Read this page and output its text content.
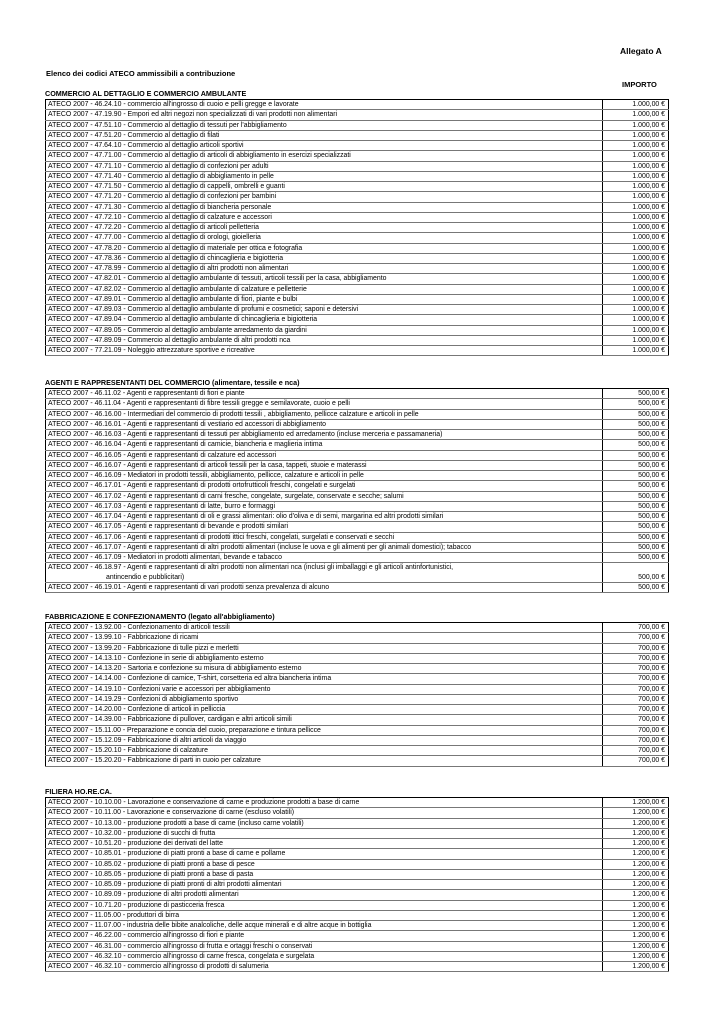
Allegato A
Elenco dei codici ATECO ammissibili a contribuzione
IMPORTO
COMMERCIO AL DETTAGLIO E COMMERCIO AMBULANTE
ATECO 2007 - 46.24.10 - commercio all'ingrosso di cuoio e pelli gregge e lavorate	1.000,00 €

ATECO 2007 - 47.19.90 - Empori ed altri negozi non specializzati di vari prodotti non alimentari	1.000,00 €

ATECO 2007 - 47.51.10 - Commercio al dettaglio di tessuti per l'abbigliamento	1.000,00 €

ATECO 2007 - 47.51.20 - Commercio al dettaglio di filati	1.000,00 €

ATECO 2007 - 47.64.10 - Commercio al dettaglio articoli sportivi	1.000,00 €

ATECO 2007 - 47.71.00 - Commercio al dettaglio di articoli di abbigliamento in esercizi specializzati	1.000,00 €

ATECO 2007 - 47.71.10 - Commercio al dettaglio di confezioni per adulti	1.000,00 €

ATECO 2007 - 47.71.40 - Commercio al dettaglio di abbigliamento in pelle	1.000,00 €

ATECO 2007 - 47.71.50 - Commercio al dettaglio di cappelli, ombrelli e guanti	1.000,00 €

ATECO 2007 - 47.71.20 - Commercio al dettaglio di confezioni per bambini	1.000,00 €

ATECO 2007 - 47.71.30 - Commercio al dettaglio di biancheria personale	1.000,00 €

ATECO 2007 - 47.72.10 - Commercio al dettaglio di calzature e accessori	1.000,00 €

ATECO 2007 - 47.72.20 - Commercio al dettaglio di articoli pelletteria	1.000,00 €

ATECO 2007 - 47.77.00 - Commercio al dettaglio di orologi, gioielleria	1.000,00 €

ATECO 2007 - 47.78.20 - Commercio al dettaglio di materiale per ottica e fotografia	1.000,00 €

ATECO 2007 - 47.78.36 - Commercio al dettaglio di chincaglieria e bigiotteria	1.000,00 €

ATECO 2007 - 47.78.99 - Commercio al dettaglio di altri prodotti non alimentari	1.000,00 €

ATECO 2007 - 47.82.01 - Commercio al dettaglio ambulante di tessuti, articoli tessili per la casa, abbigliamento	1.000,00 €

ATECO 2007 - 47.82.02 - Commercio al dettaglio ambulante di calzature e pelletterie	1.000,00 €

ATECO 2007 - 47.89.01 - Commercio al dettaglio ambulante di fiori, piante e bulbi	1.000,00 €

ATECO 2007 - 47.89.03 - Commercio al dettaglio ambulante di profumi e cosmetici; saponi e detersivi	1.000,00 €

ATECO 2007 - 47.89.04 - Commercio al dettaglio ambulante di chincaglieria e bigiotteria	1.000,00 €

ATECO 2007 - 47.89.05 - Commercio al dettaglio ambulante arredamento da giardini	1.000,00 €

ATECO 2007 - 47.89.09 - Commercio al dettaglio ambulante di altri prodotti nca	1.000,00 €

ATECO 2007 - 77.21.09 - Noleggio attrezzature sportive e ricreative	1.000,00 €
AGENTI E RAPPRESENTANTI DEL COMMERCIO (alimentare, tessile e nca)
ATECO 2007 - 46.11.02 - Agenti e rappresentanti di fiori e piante	500,00 €

ATECO 2007 - 46.11.04 - Agenti e rappresentanti di fibre tessili gregge e semilavorate, cuoio e pelli	500,00 €

ATECO 2007 - 46.16.00 - Intermediari del commercio di prodotti tessili , abbigliamento, pellicce calzature e articoli in pelle	500,00 €

ATECO 2007 - 46.16.01 - Agenti e rappresentanti di vestiario ed accessori di abbigliamento	500,00 €

ATECO 2007 - 46.16.03 - Agenti e rappresentanti di tessuti per abbigliamento ed arredamento (incluse merceria e passamaneria)	500,00 €

ATECO 2007 - 46.16.04 - Agenti e rappresentanti di camicie, biancheria e maglieria intima	500,00 €

ATECO 2007 - 46.16.05 - Agenti e rappresentanti di calzature ed accessori	500,00 €

ATECO 2007 - 46.16.07 - Agenti e rappresentanti di articoli tessili per la casa, tappeti, stuoie e materassi	500,00 €

ATECO 2007 - 46.16.09 - Mediatori in prodotti tessili, abbigliamento, pellicce, calzature e articoli in pelle	500,00 €

ATECO 2007 - 46.17.01 - Agenti e rappresentanti di prodotti ortofrutticoli freschi, congelati e surgelati	500,00 €

ATECO 2007 - 46.17.02 - Agenti e rappresentanti di carni fresche, congelate, surgelate, conservate e secche; salumi	500,00 €

ATECO 2007 - 46.17.03 - Agenti e rappresentanti di latte, burro e formaggi	500,00 €

ATECO 2007 - 46.17.04 - Agenti e rappresentanti di oli e grassi alimentari: olio d'oliva e di semi, margarina ed altri prodotti similari	500,00 €

ATECO 2007 - 46.17.05 - Agenti e rappresentanti di bevande e prodotti similari	500,00 €

ATECO 2007 - 46.17.06 - Agenti e rappresentanti di prodotti ittici freschi, congelati, surgelati e conservati e secchi	500,00 €

ATECO 2007 - 46.17.07 - Agenti e rappresentanti di altri prodotti alimentari (incluse le uova e gli alimenti per gli animali domestici); tabacco	500,00 €

ATECO 2007 - 46.17.09 - Mediatori in prodotti alimentari, bevande e tabacco	500,00 €

ATECO 2007 - 46.18.97 - Agenti e rappresentanti di altri prodotti non alimentari nca (inclusi gli imballaggi e gli articoli antinfortunistici,
antincendio e pubblicitari)	500,00 €

ATECO 2007 - 46.19.01 - Agenti e rappresentanti di vari prodotti senza prevalenza di alcuno	500,00 €
FABBRICAZIONE E CONFEZIONAMENTO (legato all'abbigliamento)
ATECO 2007 - 13.92.00 - Confezionamento di articoli tessili	700,00 €

ATECO 2007 - 13.99.10 - Fabbricazione di ricami	700,00 €

ATECO 2007 - 13.99.20 - Fabbricazione di tulle pizzi e merletti	700,00 €

ATECO 2007 - 14.13.10 - Confezione in serie di abbigliamento esterno	700,00 €

ATECO 2007 - 14.13.20 - Sartoria e confezione su misura di abbigliamento esterno	700,00 €

ATECO 2007 - 14.14.00 - Confezione di camice, T-shirt, corsetteria ed altra biancheria intima	700,00 €

ATECO 2007 - 14.19.10 - Confezioni varie e accessori per abbigliamento	700,00 €

ATECO 2007 - 14.19.29 - Confezioni di abbigliamento sportivo	700,00 €

ATECO 2007 - 14.20.00 - Confezione di articoli in pelliccia	700,00 €

ATECO 2007 - 14.39.00 - Fabbricazione di pullover, cardigan e altri articoli simili	700,00 €

ATECO 2007 - 15.11.00 - Preparazione e concia del cuoio, preparazione e tintura pellicce	700,00 €

ATECO 2007 - 15.12.09 - Fabbricazione di altri articoli da viaggio	700,00 €

ATECO 2007 - 15.20.10 - Fabbricazione di calzature	700,00 €

ATECO 2007 - 15.20.20 - Fabbricazione di parti in cuoio per calzature	700,00 €
FILIERA HO.RE.CA.
ATECO 2007 - 10.10.00 - Lavorazione e conservazione di carne e produzione prodotti a base di carne	1.200,00 €

ATECO 2007 - 10.11.00 - Lavorazione e conservazione di carne (escluso volatili)	1.200,00 €

ATECO 2007 - 10.13.00 - produzione prodotti a base di carne (incluso carne volatili)	1.200,00 €

ATECO 2007 - 10.32.00 - produzione di succhi di frutta	1.200,00 €

ATECO 2007 - 10.51.20 - produzione dei derivati del latte	1.200,00 €

ATECO 2007 - 10.85.01 - produzione di piatti pronti a base di carne e pollame	1.200,00 €

ATECO 2007 - 10.85.02 - produzione di piatti pronti a base di pesce	1.200,00 €

ATECO 2007 - 10.85.05 - produzione di piatti pronti a base di pasta	1.200,00 €

ATECO 2007 - 10.85.09 - produzione di piatti pronti di altri prodotti alimentari	1.200,00 €

ATECO 2007 - 10.89.09 - produzione di altri prodotti alimentari	1.200,00 €

ATECO 2007 - 10.71.20 - produzione di pasticceria fresca	1.200,00 €

ATECO 2007 - 11.05.00 - produttori di birra	1.200,00 €

ATECO 2007 - 11.07.00 - industria delle bibite analcoliche, delle acque minerali e di altre acque in bottiglia	1.200,00 €

ATECO 2007 - 46.22.00 - commercio all'ingrosso di fiori e piante	1.200,00 €

ATECO 2007 - 46.31.00 - commercio all'ingrosso di frutta e ortaggi freschi o conservati	1.200,00 €

ATECO 2007 - 46.32.10 - commercio all'ingrosso di carne fresca, congelata e surgelata	1.200,00 €

ATECO 2007 - 46.32.10 - commercio all'ingrosso di prodotti di salumeria	1.200,00 €
